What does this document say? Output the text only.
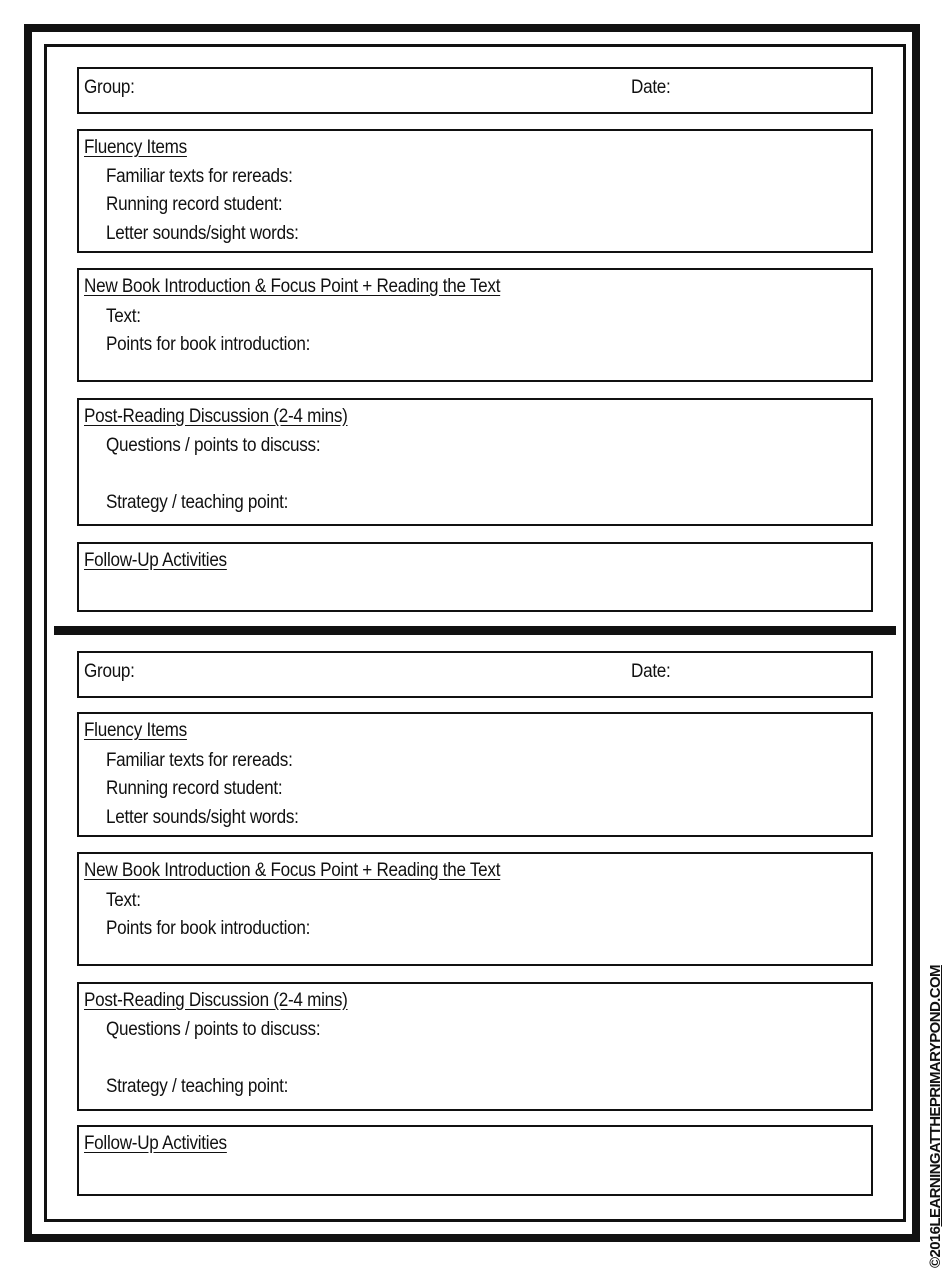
Group:	Date:
Fluency Items
Familiar texts for rereads:
Running record student:
Letter sounds/sight words:
New Book Introduction & Focus Point + Reading the Text
Text:
Points for book introduction:
Post-Reading Discussion (2-4 mins)
Questions / points to discuss:
Strategy / teaching point:
Follow-Up Activities
Group:	Date:
Fluency Items
Familiar texts for rereads:
Running record student:
Letter sounds/sight words:
New Book Introduction & Focus Point + Reading the Text
Text:
Points for book introduction:
Post-Reading Discussion (2-4 mins)
Questions / points to discuss:
Strategy / teaching point:
Follow-Up Activities
©2016LEARNINGATTHEPRIMARYPOND.COM
